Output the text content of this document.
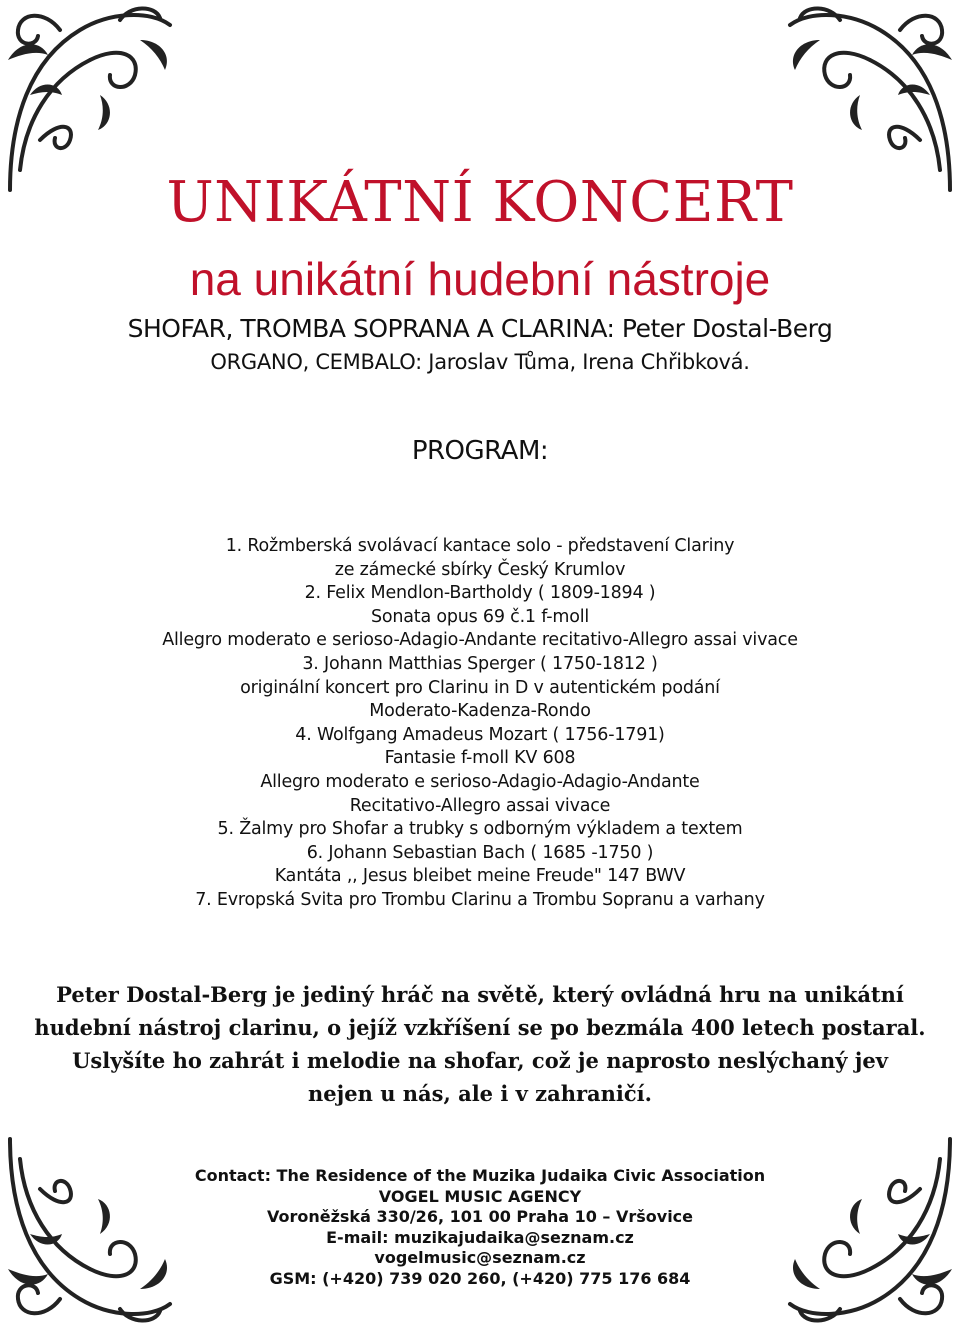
UNIKÁTNÍ KONCERT
na unikátní hudební nástroje
SHOFAR, TROMBA SOPRANA A CLARINA: Peter Dostal-Berg
ORGANO, CEMBALO: Jaroslav Tůma, Irena Chřibková.
PROGRAM:
1. Rožmberská svolávací kantace solo - představení Clariny
ze zámecké sbírky Český Krumlov
2. Felix Mendlon-Bartholdy ( 1809-1894 )
Sonata opus 69 č.1 f-moll
Allegro moderato e serioso-Adagio-Andante recitativo-Allegro assai vivace
3. Johann Matthias Sperger ( 1750-1812 )
originální koncert pro Clarinu in D v autentickém podání
Moderato-Kadenza-Rondo
4. Wolfgang Amadeus Mozart ( 1756-1791)
Fantasie f-moll KV 608
Allegro moderato e serioso-Adagio-Adagio-Andante
Recitativo-Allegro assai vivace
5. Žalmy pro Shofar a trubky s odborným výkladem a textem
6. Johann Sebastian Bach ( 1685 -1750 )
Kantáta ,, Jesus bleibet meine Freude" 147 BWV
7. Evropská Svita pro Trombu Clarinu a Trombu Sopranu a varhany
Peter Dostal-Berg je jediný hráč na světě, který ovládná hru na unikátní
hudební nástroj clarinu, o jejíž vzkříšení se po bezmála 400 letech postaral.
Uslyšíte ho zahrát i melodie na shofar, což je naprosto neslýchaný jev
nejen u nás, ale i v zahraničí.
Contact: The Residence of the Muzika Judaika Civic Association
VOGEL MUSIC AGENCY
Voroněžská 330/26, 101 00 Praha 10 – Vršovice
E-mail: muzikajudaika@seznam.cz
vogelmusic@seznam.cz
GSM: (+420) 739 020 260, (+420) 775 176 684
